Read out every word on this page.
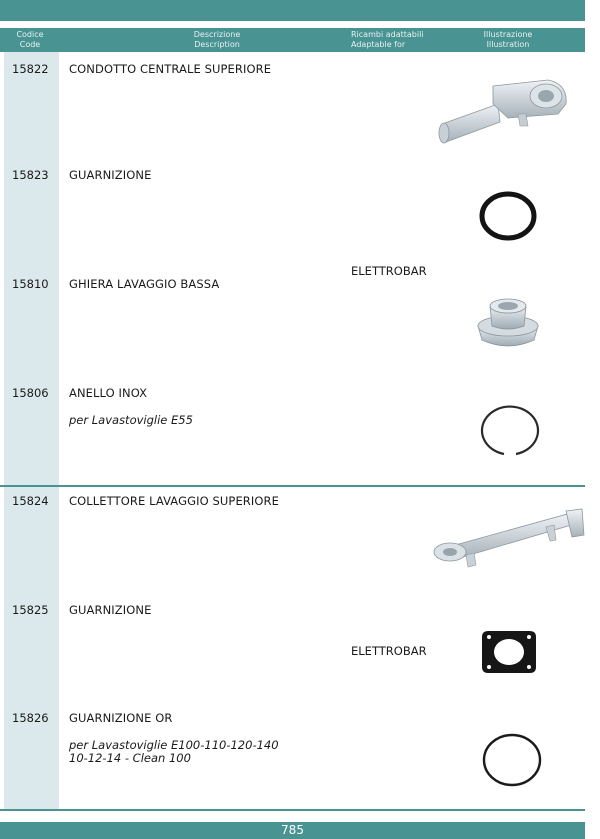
Codice
Code
Descrizione
Description
Ricambi adattabili
Adaptable for
Illustrazione
Illustration
15822 CONDOTTO CENTRALE SUPERIORE
15823 GUARNIZIONE
ELETTROBAR
15810 GHIERA LAVAGGIO BASSA
15806 ANELLO INOX
per Lavastoviglie E55
15824 COLLETTORE LAVAGGIO SUPERIORE
15825 GUARNIZIONE
ELETTROBAR
15826 GUARNIZIONE OR
per Lavastoviglie E100-110-120-140
10-12-14 - Clean 100
785
